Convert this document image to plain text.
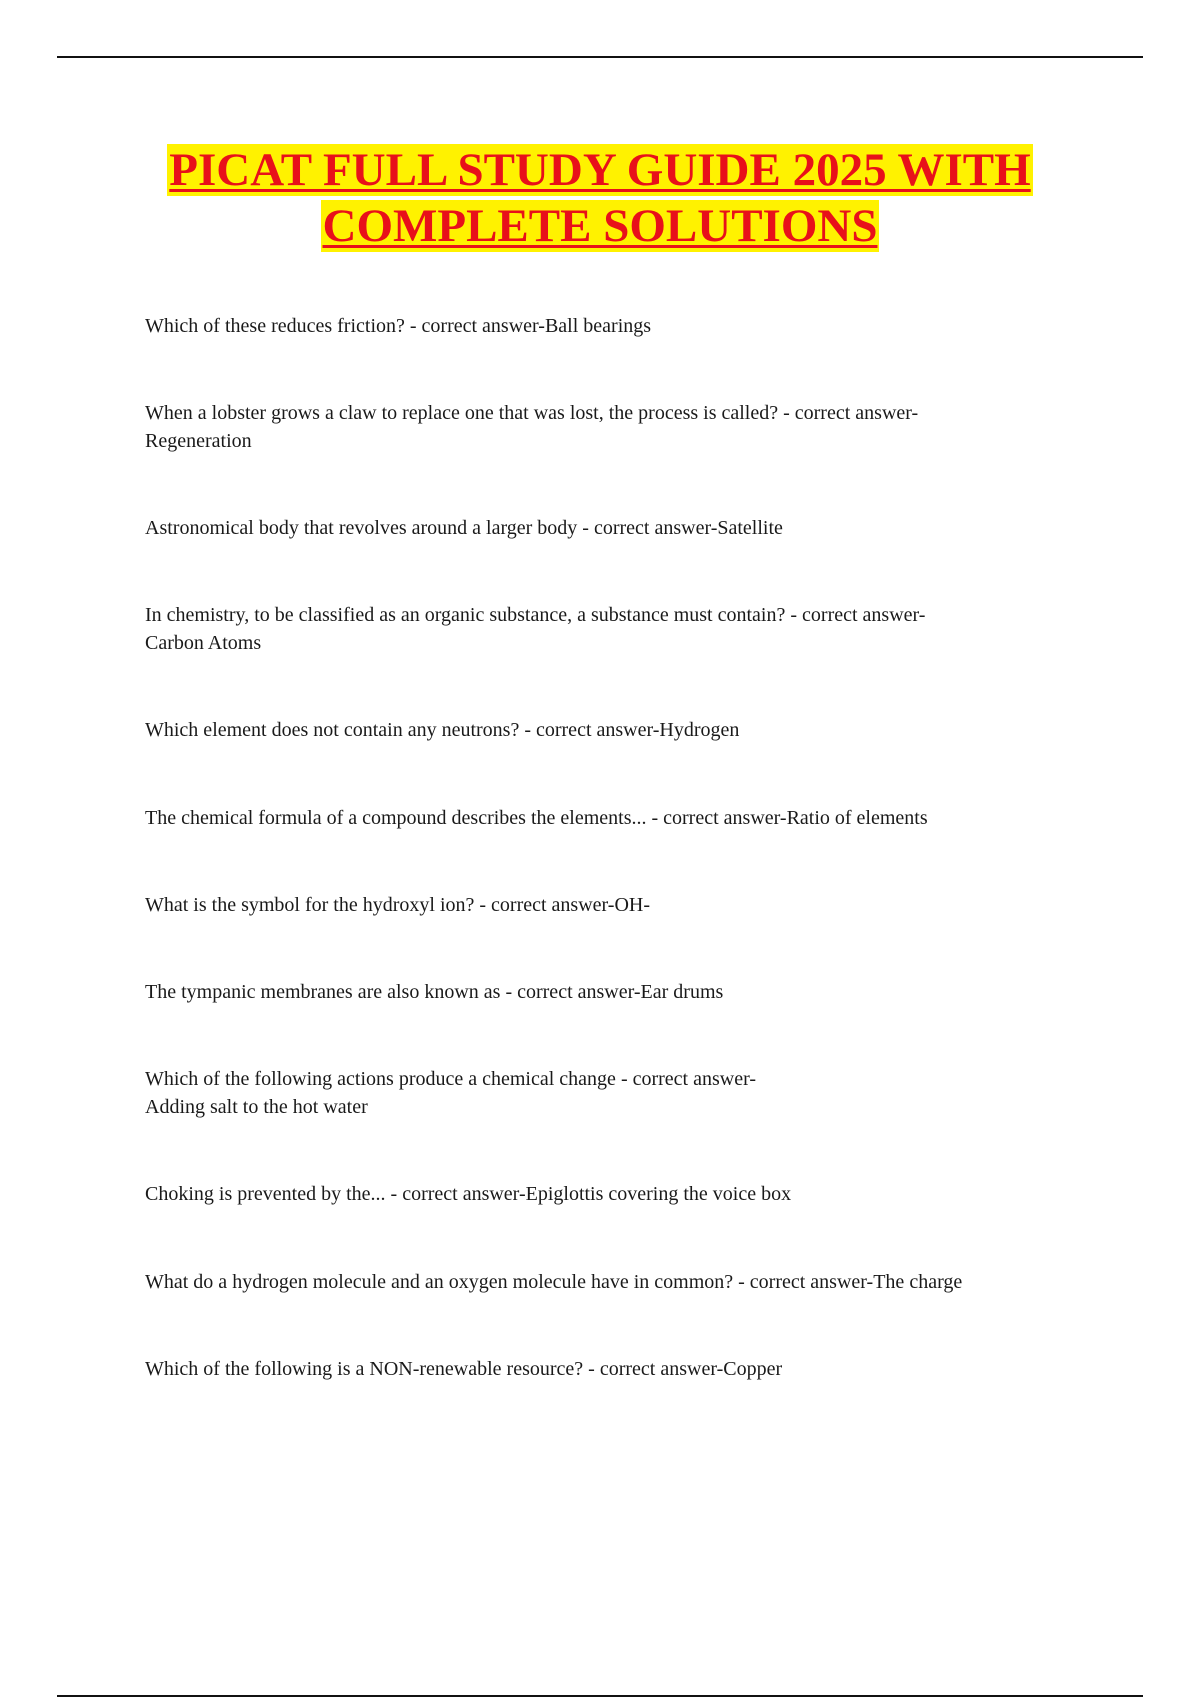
PICAT FULL STUDY GUIDE 2025 WITH
COMPLETE SOLUTIONS
Which of these reduces friction? - correct answer-Ball bearings
When a lobster grows a claw to replace one that was lost, the process is called? - correct answer-
Regeneration
Astronomical body that revolves around a larger body - correct answer-Satellite
In chemistry, to be classified as an organic substance, a substance must contain? - correct answer-
Carbon Atoms
Which element does not contain any neutrons? - correct answer-Hydrogen
The chemical formula of a compound describes the elements... - correct answer-Ratio of elements
What is the symbol for the hydroxyl ion? - correct answer-OH-
The tympanic membranes are also known as - correct answer-Ear drums
Which of the following actions produce a chemical change - correct answer-
Adding salt to the hot water
Choking is prevented by the... - correct answer-Epiglottis covering the voice box
What do a hydrogen molecule and an oxygen molecule have in common? - correct answer-The charge
Which of the following is a NON-renewable resource? - correct answer-Copper
